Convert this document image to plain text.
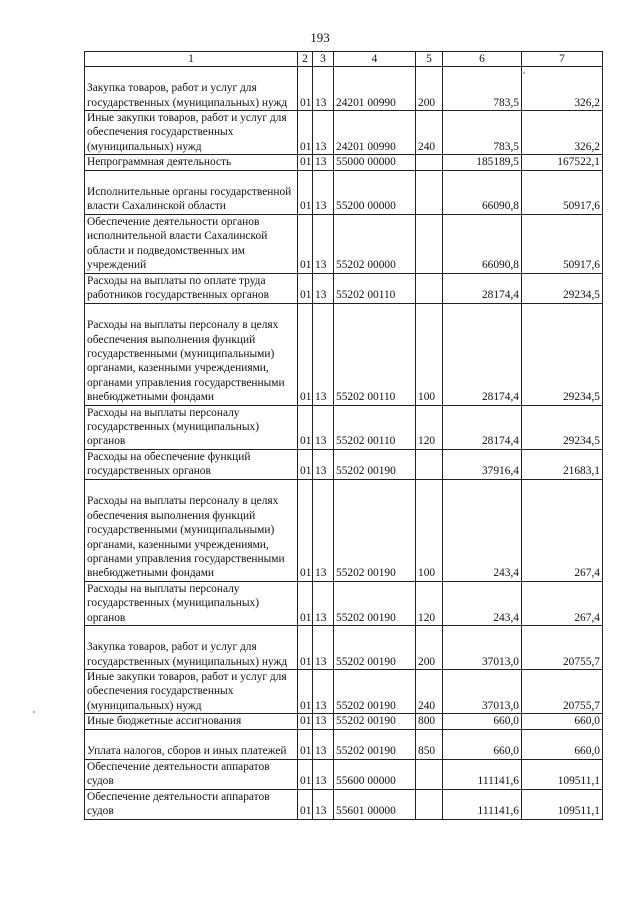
193
1	2	3	4	5	6	7
Закупка товаров, работ и услуг для государственных (муниципальных) нужд	01	13	24201 00990	200	783,5	326,2
Иные закупки товаров, работ и услуг для обеспечения государственных (муниципальных) нужд	01	13	24201 00990	240	783,5	326,2
Непрограммная деятельность	01	13	55000 00000		185189,5	167522,1
Исполнительные органы государственной власти Сахалинской области	01	13	55200 00000		66090,8	50917,6
Обеспечение деятельности органов исполнительной власти Сахалинской области и подведомственных им учреждений	01	13	55202 00000		66090,8	50917,6
Расходы на выплаты по оплате труда работников государственных органов	01	13	55202 00110		28174,4	29234,5
Расходы на выплаты персоналу в целях обеспечения выполнения функций государственными (муниципальными) органами, казенными учреждениями, органами управления государственными внебюджетными фондами	01	13	55202 00110	100	28174,4	29234,5
Расходы на выплаты персоналу государственных (муниципальных) органов	01	13	55202 00110	120	28174,4	29234,5
Расходы на обеспечение функций государственных органов	01	13	55202 00190		37916,4	21683,1
Расходы на выплаты персоналу в целях обеспечения выполнения функций государственными (муниципальными) органами, казенными учреждениями, органами управления государственными внебюджетными фондами	01	13	55202 00190	100	243,4	267,4
Расходы на выплаты персоналу государственных (муниципальных) органов	01	13	55202 00190	120	243,4	267,4
Закупка товаров, работ и услуг для государственных (муниципальных) нужд	01	13	55202 00190	200	37013,0	20755,7
Иные закупки товаров, работ и услуг для обеспечения государственных (муниципальных) нужд	01	13	55202 00190	240	37013,0	20755,7
Иные бюджетные ассигнования	01	13	55202 00190	800	660,0	660,0
Уплата налогов, сборов и иных платежей	01	13	55202 00190	850	660,0	660,0
Обеспечение деятельности аппаратов судов	01	13	55600 00000		111141,6	109511,1
Обеспечение деятельности аппаратов судов	01	13	55601 00000		111141,6	109511,1
